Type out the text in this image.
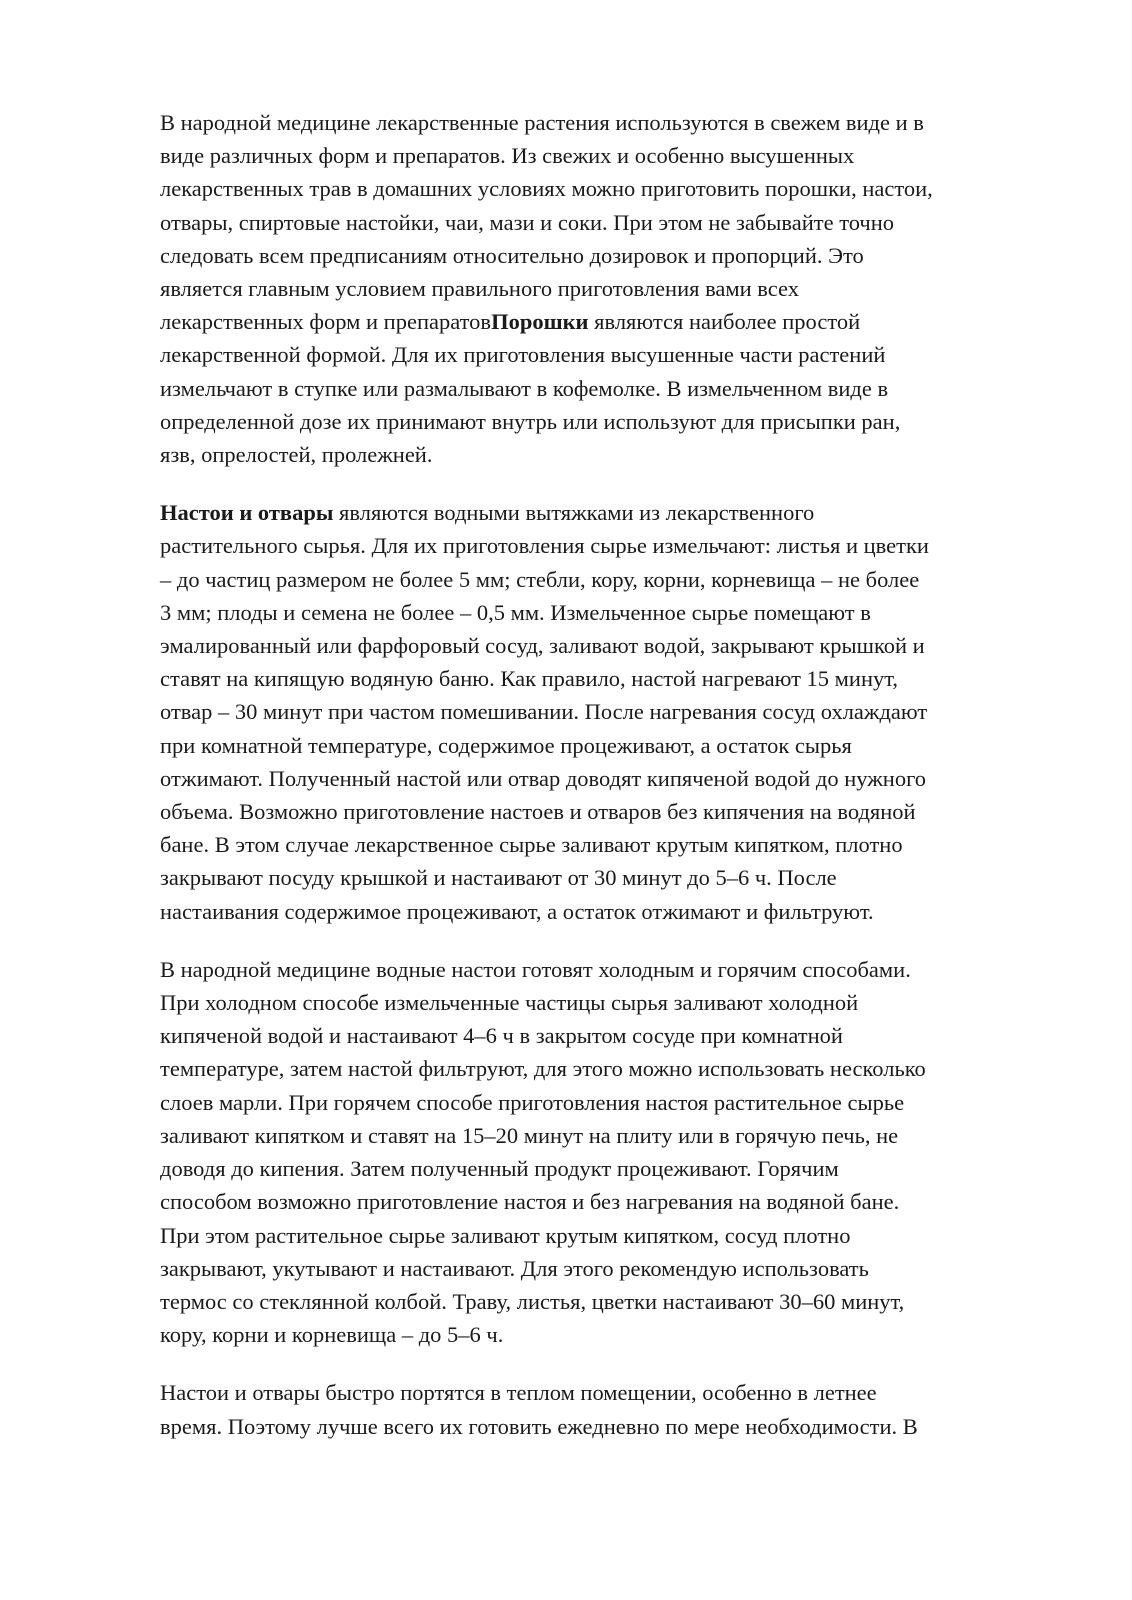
В народной медицине лекарственные растения используются в свежем виде и в
виде различных форм и препаратов. Из свежих и особенно высушенных
лекарственных трав в домашних условиях можно приготовить порошки, настои,
отвары, спиртовые настойки, чаи, мази и соки. При этом не забывайте точно
следовать всем предписаниям относительно дозировок и пропорций. Это
является главным условием правильного приготовления вами всех
лекарственных форм и препаратовПорошки являются наиболее простой
лекарственной формой. Для их приготовления высушенные части растений
измельчают в ступке или размалывают в кофемолке. В измельченном виде в
определенной дозе их принимают внутрь или используют для присыпки ран,
язв, опрелостей, пролежней.

Настои и отвары являются водными вытяжками из лекарственного
растительного сырья. Для их приготовления сырье измельчают: листья и цветки
– до частиц размером не более 5 мм; стебли, кору, корни, корневища – не более
3 мм; плоды и семена не более – 0,5 мм. Измельченное сырье помещают в
эмалированный или фарфоровый сосуд, заливают водой, закрывают крышкой и
ставят на кипящую водяную баню. Как правило, настой нагревают 15 минут,
отвар – 30 минут при частом помешивании. После нагревания сосуд охлаждают
при комнатной температуре, содержимое процеживают, а остаток сырья
отжимают. Полученный настой или отвар доводят кипяченой водой до нужного
объема. Возможно приготовление настоев и отваров без кипячения на водяной
бане. В этом случае лекарственное сырье заливают крутым кипятком, плотно
закрывают посуду крышкой и настаивают от 30 минут до 5–6 ч. После
настаивания содержимое процеживают, а остаток отжимают и фильтруют.

В народной медицине водные настои готовят холодным и горячим способами.
При холодном способе измельченные частицы сырья заливают холодной
кипяченой водой и настаивают 4–6 ч в закрытом сосуде при комнатной
температуре, затем настой фильтруют, для этого можно использовать несколько
слоев марли. При горячем способе приготовления настоя растительное сырье
заливают кипятком и ставят на 15–20 минут на плиту или в горячую печь, не
доводя до кипения. Затем полученный продукт процеживают. Горячим
способом возможно приготовление настоя и без нагревания на водяной бане.
При этом растительное сырье заливают крутым кипятком, сосуд плотно
закрывают, укутывают и настаивают. Для этого рекомендую использовать
термос со стеклянной колбой. Траву, листья, цветки настаивают 30–60 минут,
кору, корни и корневища – до 5–6 ч.

Настои и отвары быстро портятся в теплом помещении, особенно в летнее
время. Поэтому лучше всего их готовить ежедневно по мере необходимости. В
